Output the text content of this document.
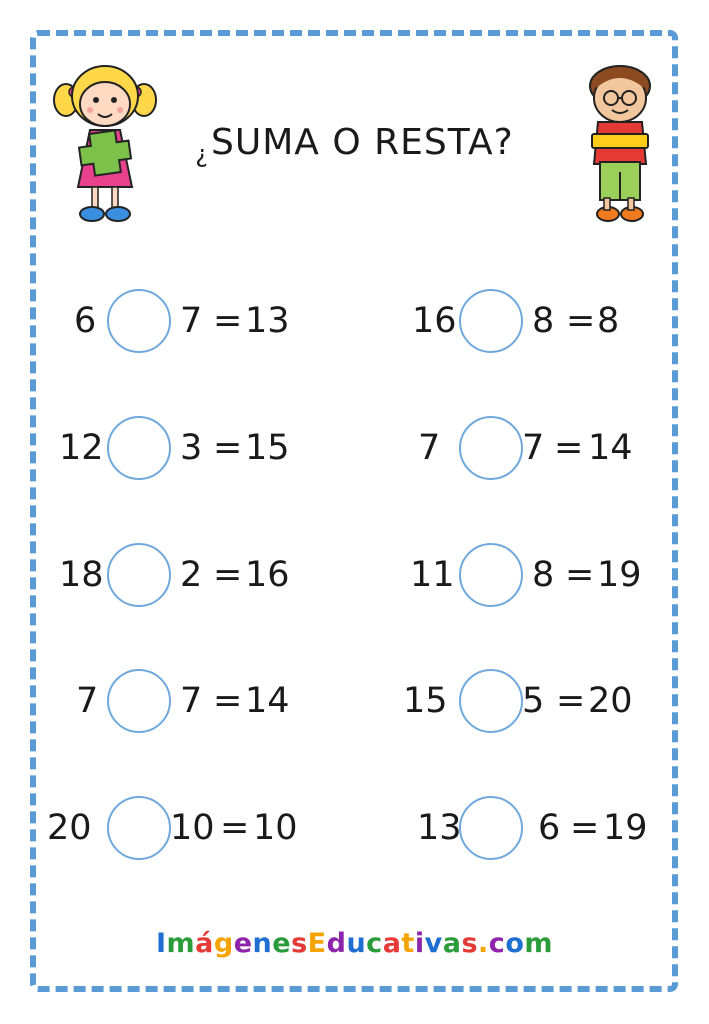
$_¿$SUMA O RESTA?
6 7 = 13	16 8 = 8
12 3 = 15	7 7 = 14
18 2 = 16	11 8 = 19
7 7 = 14	15 5 = 20
20 10 = 10	13 6 = 19
ImágenesEducativas.com
